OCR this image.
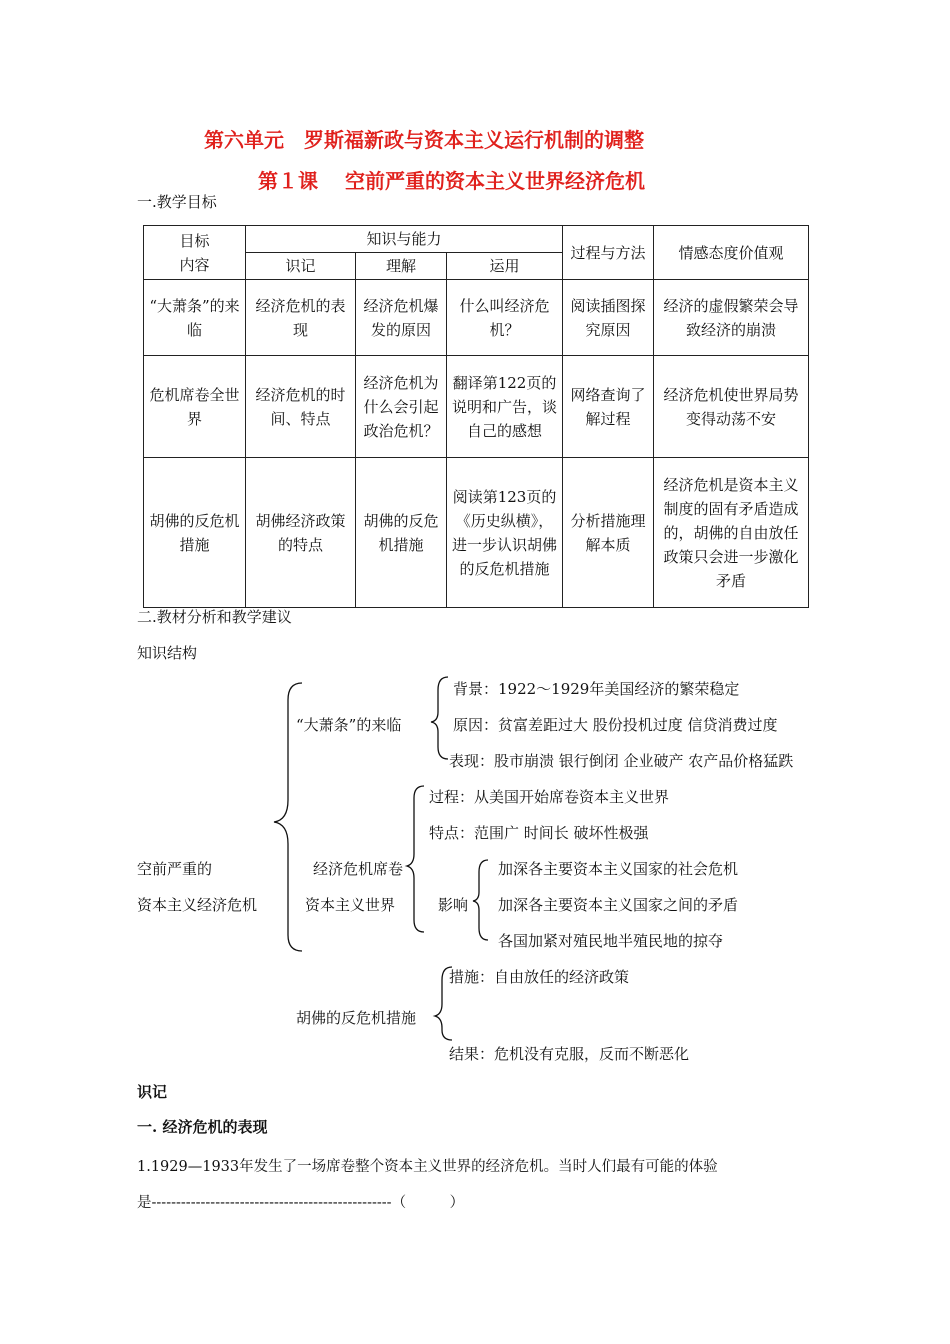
第六单元　罗斯福新政与资本主义运行机制的调整
第１课　 空前严重的资本主义世界经济危机
一.教学目标
目标
内容	知识与能力			过程与方法	情感态度价值观
	识记	理解	运用		
“大萧条”的来临	经济危机的表现	经济危机爆发的原因	什么叫经济危机？	阅读插图探究原因	经济的虚假繁荣会导致经济的崩溃
危机席卷全世界	经济危机的时间、特点	经济危机为什么会引起政治危机？	翻译第122页的说明和广告，谈自己的感想	网络查询了解过程	经济危机使世界局势变得动荡不安
胡佛的反危机措施	胡佛经济政策的特点	胡佛的反危机措施	阅读第123页的《历史纵横》，进一步认识胡佛的反危机措施	分析措施理解本质	经济危机是资本主义制度的固有矛盾造成的，胡佛的自由放任政策只会进一步激化矛盾
二.教材分析和教学建议
知识结构
空前严重的
资本主义经济危机
“大萧条”的来临
背景：1922～1929年美国经济的繁荣稳定
原因：贫富差距过大 股份投机过度 信贷消费过度
表现：股市崩溃 银行倒闭 企业破产 农产品价格猛跌
经济危机席卷
资本主义世界
过程：从美国开始席卷资本主义世界
特点：范围广 时间长 破坏性极强
影响
加深各主要资本主义国家的社会危机
加深各主要资本主义国家之间的矛盾
各国加紧对殖民地半殖民地的掠夺
胡佛的反危机措施
措施：自由放任的经济政策
结果：危机没有克服，反而不断恶化
识记
一. 经济危机的表现
1.1929—1933年发生了一场席卷整个资本主义世界的经济危机。当时人们最有可能的体验
是-------------------------------------------------（　　　）
